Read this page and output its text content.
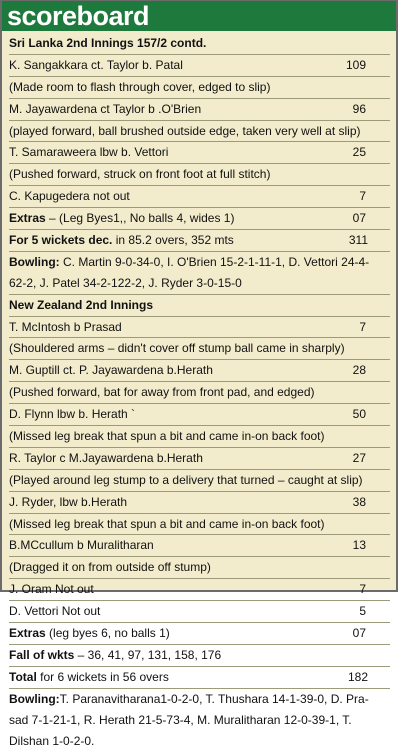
scoreboard
Sri Lanka 2nd Innings 157/2 contd.
K. Sangakkara ct. Taylor b. Patal	109
(Made room to flash through cover, edged to slip)
M. Jayawardena ct Taylor b .O'Brien	96
(played forward, ball brushed outside edge, taken very well at slip)
T. Samaraweera lbw b. Vettori	25
(Pushed forward, struck on front foot at full stitch)
C. Kapugedera not out	7
Extras – (Leg Byes1,, No balls 4, wides 1)	07
For 5 wickets dec. in 85.2 overs, 352 mts	311
Bowling: C. Martin 9-0-34-0, I. O'Brien 15-2-1-11-1, D. Vettori 24-4-
62-2, J. Patel 34-2-122-2, J. Ryder 3-0-15-0
New Zealand 2nd Innings
T. McIntosh b Prasad	7
(Shouldered arms – didn't cover off stump ball came in sharply)
M. Guptill ct. P. Jayawardena b.Herath	28
(Pushed forward, bat for away from front pad, and edged)
D. Flynn lbw b. Herath `	50
(Missed leg break that spun a bit and came in-on back foot)
R. Taylor c M.Jayawardena b.Herath	27
(Played around leg stump to a delivery that turned – caught at slip)
J. Ryder, lbw b.Herath	38
(Missed leg break that spun a bit and came in-on back foot)
B.MCcullum b Muralitharan	13
(Dragged it on from outside off stump)
J. Oram Not out	7
D. Vettori Not out	5
Extras (leg byes 6, no balls 1)	07
Fall of wkts – 36, 41, 97, 131, 158, 176
Total for 6 wickets in 56 overs	182
Bowling:T. Paranavitharana1-0-2-0, T. Thushara 14-1-39-0, D. Pra-
sad 7-1-21-1, R. Herath 21-5-73-4, M. Muralitharan 12-0-39-1, T.
Dilshan 1-0-2-0.
